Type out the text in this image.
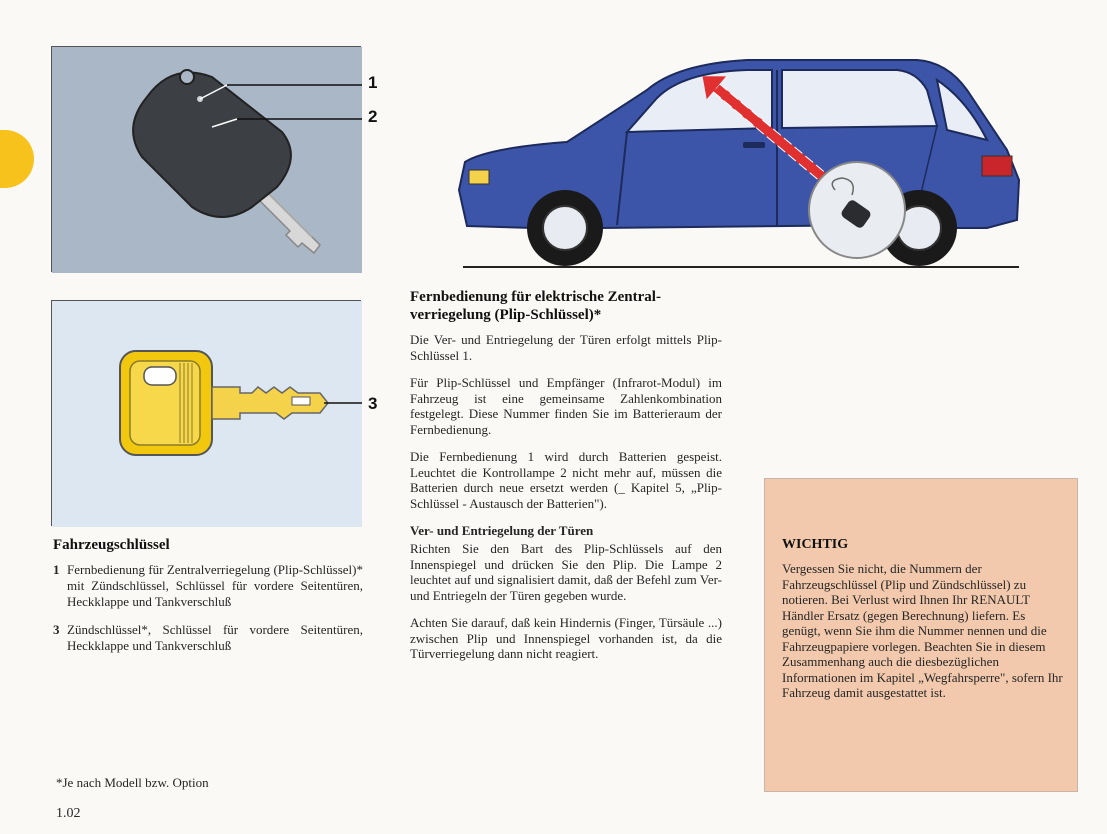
1
2
3
Fahrzeugschlüssel
1 Fernbedienung für Zentralverriegelung (Plip-Schlüssel)* mit Zündschlüssel, Schlüssel für vordere Seitentüren, Heckklappe und Tankverschluß
3 Zündschlüssel*, Schlüssel für vordere Seitentüren, Heckklappe und Tankverschluß
Fernbedienung für elektrische Zentral-verriegelung (Plip-Schlüssel)*

Die Ver- und Entriegelung der Türen erfolgt mittels Plip-Schlüssel 1.

Für Plip-Schlüssel und Empfänger (Infrarot-Modul) im Fahrzeug ist eine gemeinsame Zahlenkombination festgelegt. Diese Nummer finden Sie im Batterieraum der Fernbedienung.

Die Fernbedienung 1 wird durch Batterien gespeist. Leuchtet die Kontrollampe 2 nicht mehr auf, müssen die Batterien durch neue ersetzt werden (_ Kapitel 5, „Plip-Schlüssel - Austausch der Batterien").

Ver- und Entriegelung der Türen

Richten Sie den Bart des Plip-Schlüssels auf den Innenspiegel und drücken Sie den Plip. Die Lampe 2 leuchtet auf und signalisiert damit, daß der Befehl zum Ver- und Entriegeln der Türen gegeben wurde.

Achten Sie darauf, daß kein Hindernis (Finger, Türsäule ...) zwischen Plip und Innenspiegel vorhanden ist, da die Türverriegelung dann nicht reagiert.

WICHTIG

Vergessen Sie nicht, die Nummern der Fahrzeugschlüssel (Plip und Zündschlüssel) zu notieren. Bei Verlust wird Ihnen Ihr RENAULT Händler Ersatz (gegen Berechnung) liefern. Es genügt, wenn Sie ihm die Nummer nennen und die Fahrzeugpapiere vorlegen. Beachten Sie in diesem Zusammenhang auch die diesbezüglichen Informationen im Kapitel „Wegfahrsperre", sofern Ihr Fahrzeug damit ausgestattet ist.

*Je nach Modell bzw. Option
1.02
